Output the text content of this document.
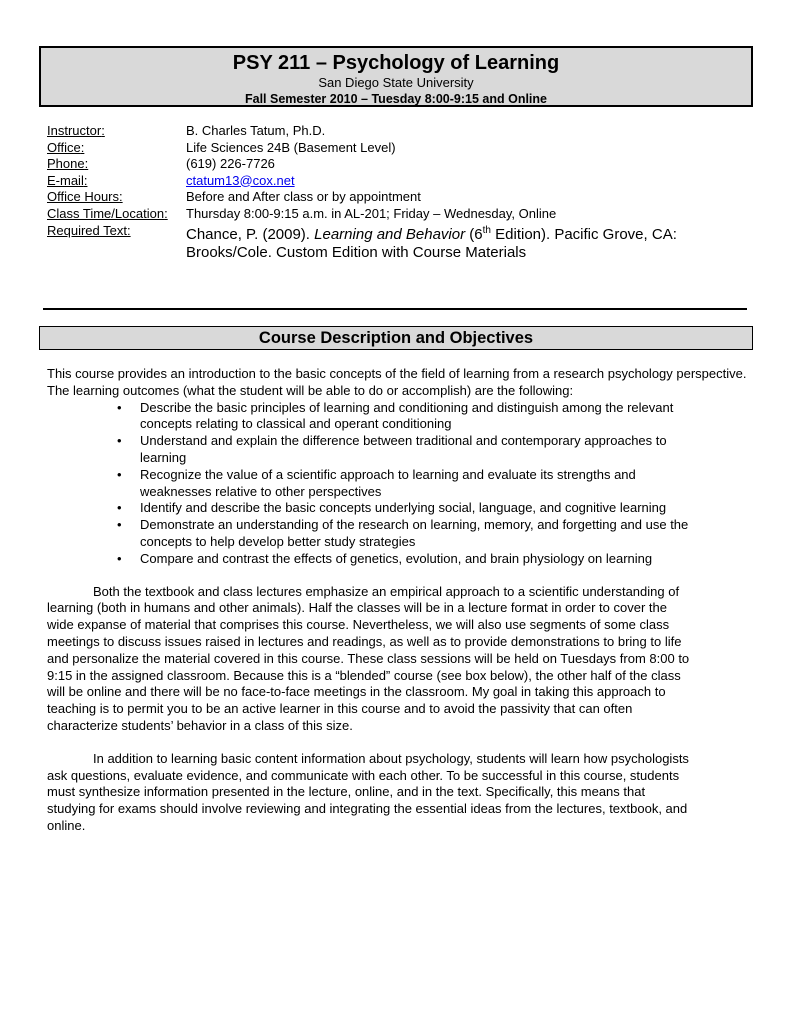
PSY 211 – Psychology of Learning
San Diego State University
Fall Semester 2010 – Tuesday 8:00-9:15 and Online
Instructor:	B. Charles Tatum, Ph.D.
Office:	Life Sciences 24B (Basement Level)
Phone:	(619) 226-7726
E-mail:	ctatum13@cox.net
Office Hours:	Before and After class or by appointment
Class Time/Location:	Thursday 8:00-9:15 a.m. in AL-201; Friday – Wednesday, Online
Required Text:	Chance, P. (2009). Learning and Behavior (6th Edition). Pacific Grove, CA:
Brooks/Cole. Custom Edition with Course Materials
Course Description and Objectives

This course provides an introduction to the basic concepts of the field of learning from a research psychology perspective. The learning outcomes (what the student will be able to do or accomplish) are the following:

• Describe the basic principles of learning and conditioning and distinguish among the relevant concepts relating to classical and operant conditioning
• Understand and explain the difference between traditional and contemporary approaches to learning
• Recognize the value of a scientific approach to learning and evaluate its strengths and weaknesses relative to other perspectives
• Identify and describe the basic concepts underlying social, language, and cognitive learning
• Demonstrate an understanding of the research on learning, memory, and forgetting and use the concepts to help develop better study strategies
• Compare and contrast the effects of genetics, evolution, and brain physiology on learning

Both the textbook and class lectures emphasize an empirical approach to a scientific understanding of learning (both in humans and other animals). Half the classes will be in a lecture format in order to cover the wide expanse of material that comprises this course. Nevertheless, we will also use segments of some class meetings to discuss issues raised in lectures and readings, as well as to provide demonstrations to bring to life and personalize the material covered in this course. These class sessions will be held on Tuesdays from 8:00 to 9:15 in the assigned classroom. Because this is a “blended” course (see box below), the other half of the class will be online and there will be no face-to-face meetings in the classroom. My goal in taking this approach to teaching is to permit you to be an active learner in this course and to avoid the passivity that can often characterize students’ behavior in a class of this size.

In addition to learning basic content information about psychology, students will learn how psychologists ask questions, evaluate evidence, and communicate with each other. To be successful in this course, students must synthesize information presented in the lecture, online, and in the text. Specifically, this means that studying for exams should involve reviewing and integrating the essential ideas from the lectures, textbook, and online.
